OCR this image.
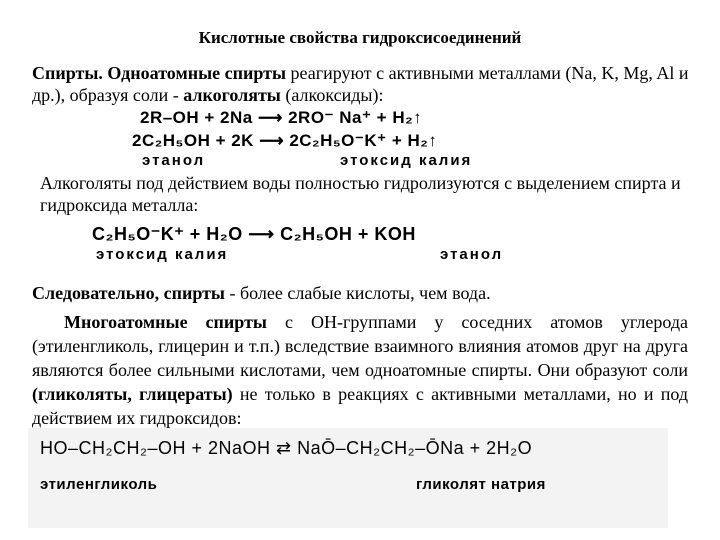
Кислотные свойства гидроксисоединений
Спирты. Одноатомные спирты реагируют с активными металлами (Na, K, Mg, Al и др.), образуя соли - алкоголяты (алкоксиды):
2R–OH + 2Na ⟶ 2RO⁻ Na⁺ + H₂↑
2C₂H₅OH + 2K ⟶ 2C₂H₅O⁻K⁺ + H₂↑
этанол	этоксид калия
Алкоголяты под действием воды полностью гидролизуются с выделением спирта и гидроксида металла:
C₂H₅O⁻K⁺ + H₂O ⟶ C₂H₅OH + KOH
этоксид калия	этанол
Следовательно, спирты - более слабые кислоты, чем вода.
Многоатомные спирты с OH-группами у соседних атомов углерода (этиленгликоль, глицерин и т.п.) вследствие взаимного влияния атомов друг на друга являются более сильными кислотами, чем одноатомные спирты. Они образуют соли (гликоляты, глицераты) не только в реакциях с активными металлами, но и под действием их гидроксидов:
HO–CH₂CH₂–OH + 2NaOH ⇄ NaŌ–CH₂CH₂–ŌNa + 2H₂O
этиленгликоль	гликолят натрия
